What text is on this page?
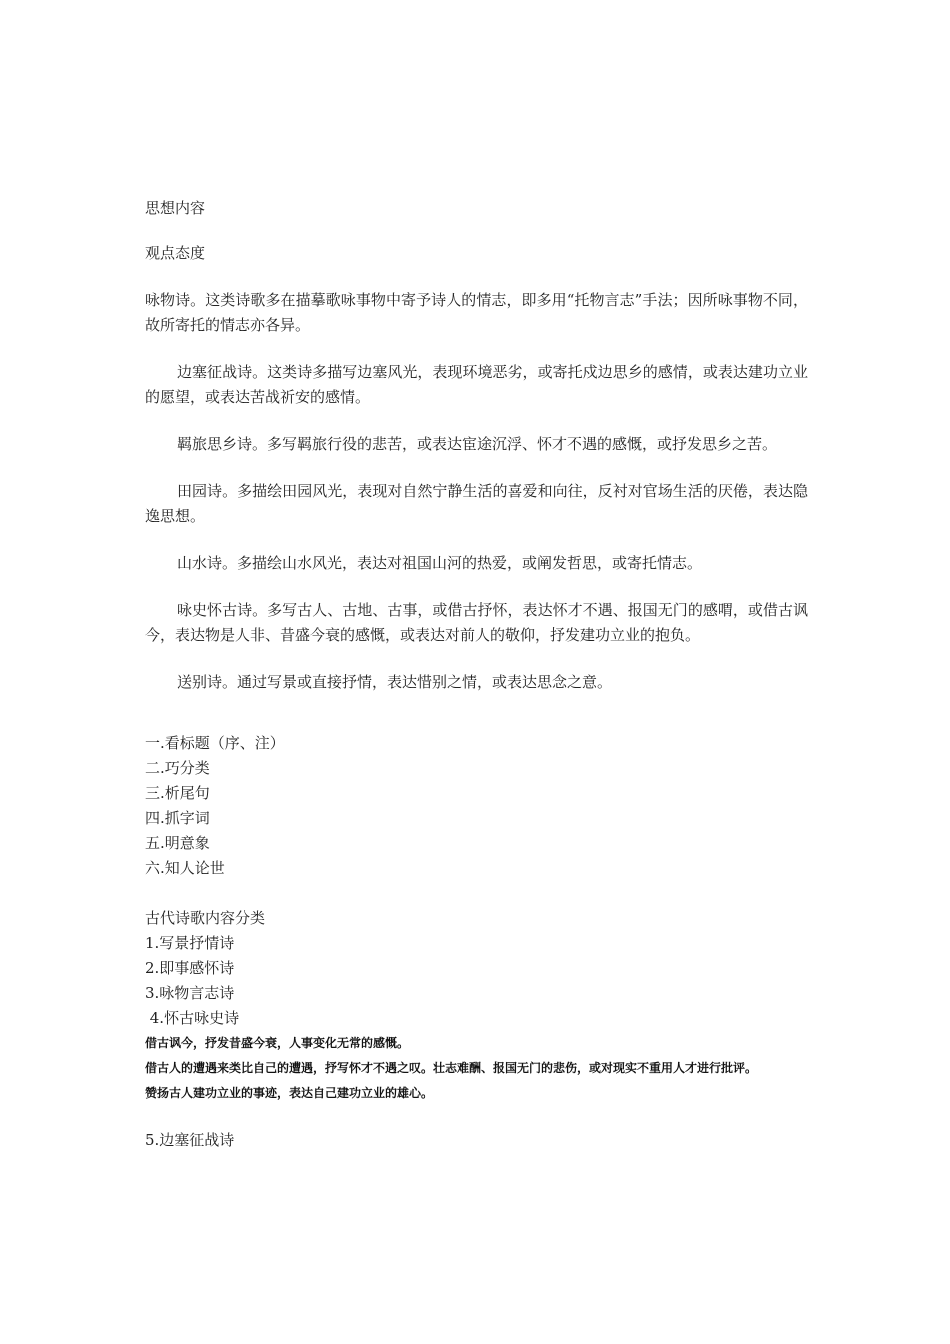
思想内容

观点态度

咏物诗。这类诗歌多在描摹歌咏事物中寄予诗人的情志，即多用“托物言志”手法；因所咏事物不同，故所寄托的情志亦各异。

边塞征战诗。这类诗多描写边塞风光，表现环境恶劣，或寄托戍边思乡的感情，或表达建功立业的愿望，或表达苦战祈安的感情。

羁旅思乡诗。多写羁旅行役的悲苦，或表达宦途沉浮、怀才不遇的感慨，或抒发思乡之苦。

田园诗。多描绘田园风光，表现对自然宁静生活的喜爱和向往，反衬对官场生活的厌倦，表达隐逸思想。

山水诗。多描绘山水风光，表达对祖国山河的热爱，或阐发哲思，或寄托情志。

咏史怀古诗。多写古人、古地、古事，或借古抒怀，表达怀才不遇、报国无门的感喟，或借古讽今，表达物是人非、昔盛今衰的感慨，或表达对前人的敬仰，抒发建功立业的抱负。

送别诗。通过写景或直接抒情，表达惜别之情，或表达思念之意。

一.看标题（序、注）

二.巧分类

三.析尾句

四.抓字词

五.明意象

六.知人论世

古代诗歌内容分类

1.写景抒情诗

2.即事感怀诗

3.咏物言志诗

4.怀古咏史诗

借古讽今，抒发昔盛今衰，人事变化无常的感慨。

借古人的遭遇来类比自己的遭遇，抒写怀才不遇之叹。壮志难酬、报国无门的悲伤，或对现实不重用人才进行批评。

赞扬古人建功立业的事迹，表达自己建功立业的雄心。

5.边塞征战诗
